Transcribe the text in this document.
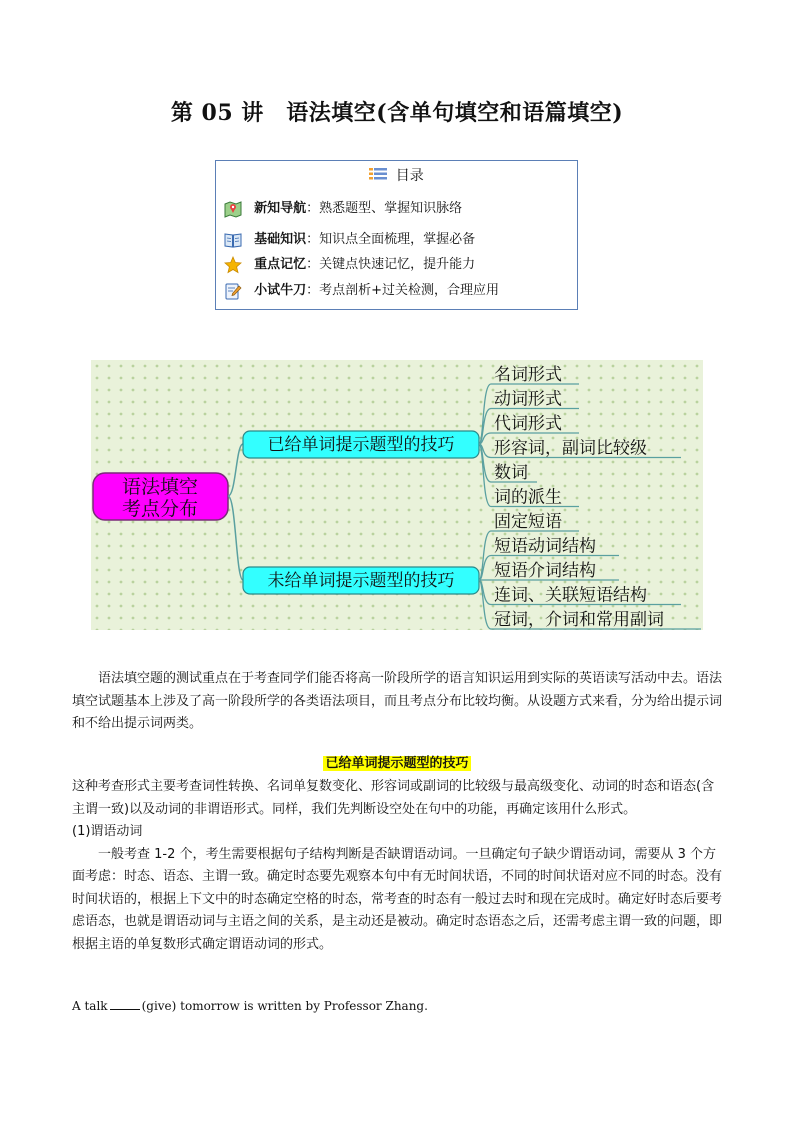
第 05 讲　语法填空(含单句填空和语篇填空)
目录
新知导航：熟悉题型、掌握知识脉络
基础知识：知识点全面梳理，掌握必备
重点记忆：关键点快速记忆，提升能力
小试牛刀：考点剖析+过关检测，合理应用
语法填空
考点分布
已给单词提示题型的技巧
未给单词提示题型的技巧
名词形式
动词形式
代词形式
形容词，副词比较级
数词
词的派生
固定短语
短语动词结构
短语介词结构
连词、关联短语结构
冠词，介词和常用副词

语法填空题的测试重点在于考查同学们能否将高一阶段所学的语言知识运用到实际的英语读写活动中去。语法填空试题基本上涉及了高一阶段所学的各类语法项目，而且考点分布比较均衡。从设题方式来看，分为给出提示词和不给出提示词两类。

已给单词提示题型的技巧

这种考查形式主要考查词性转换、名词单复数变化、形容词或副词的比较级与最高级变化、动词的时态和语态(含主谓一致)以及动词的非谓语形式。同样，我们先判断设空处在句中的功能，再确定该用什么形式。

(1)谓语动词

一般考查 1-2 个，考生需要根据句子结构判断是否缺谓语动词。一旦确定句子缺少谓语动词，需要从 3 个方面考虑：时态、语态、主谓一致。确定时态要先观察本句中有无时间状语，不同的时间状语对应不同的时态。没有时间状语的，根据上下文中的时态确定空格的时态，常考查的时态有一般过去时和现在完成时。确定好时态后要考虑语态，也就是谓语动词与主语之间的关系，是主动还是被动。确定时态语态之后，还需考虑主谓一致的问题，即根据主语的单复数形式确定谓语动词的形式。

A talk	(give) tomorrow is written by Professor Zhang.
